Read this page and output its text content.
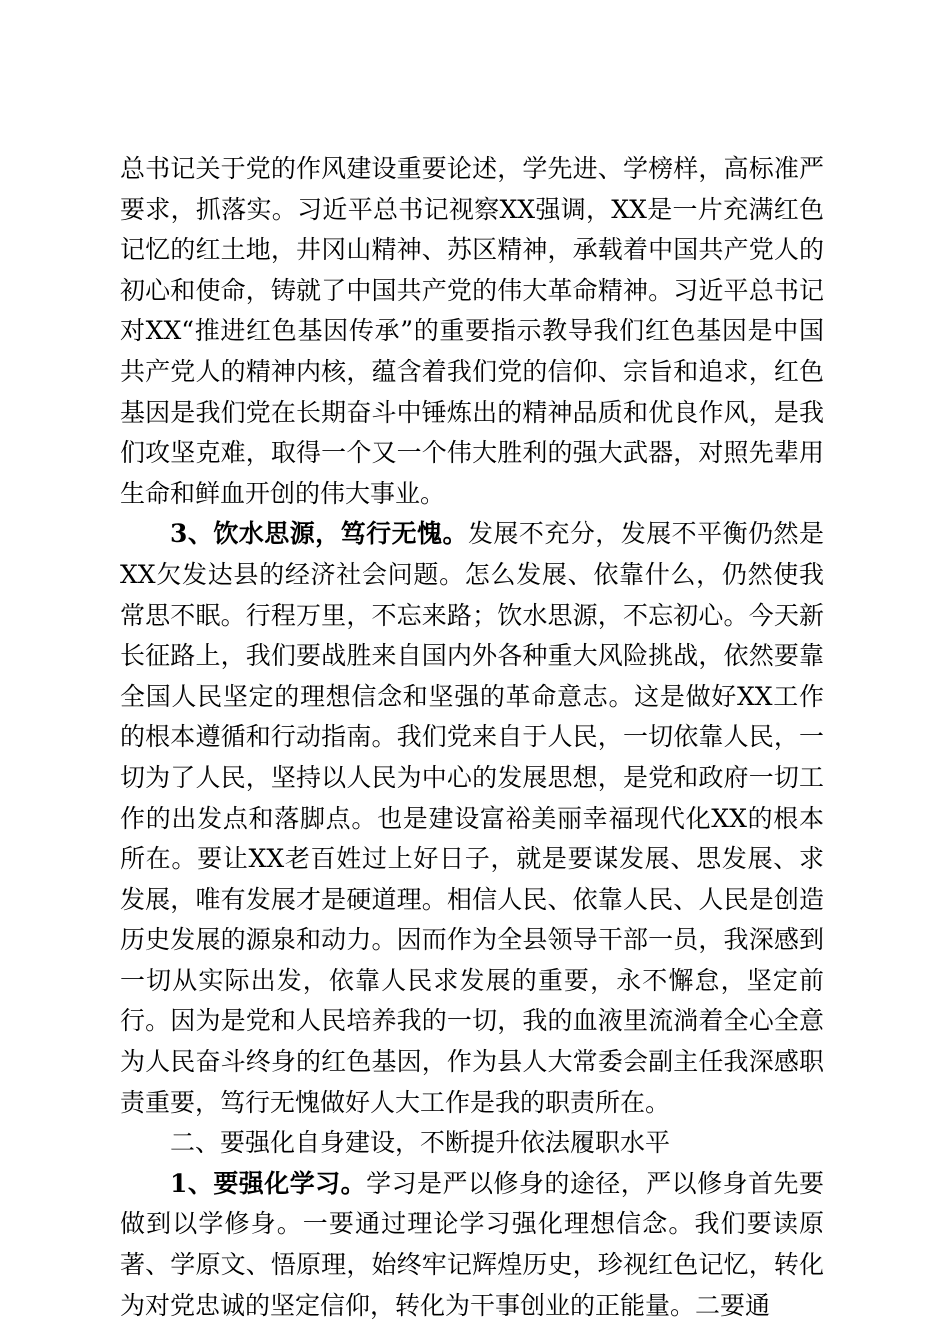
总书记关于党的作风建设重要论述，学先进、学榜样，高标准严要求，抓落实。习近平总书记视察XX强调，XX是一片充满红色记忆的红土地，井冈山精神、苏区精神，承载着中国共产党人的初心和使命，铸就了中国共产党的伟大革命精神。习近平总书记对XX“推进红色基因传承”的重要指示教导我们红色基因是中国共产党人的精神内核，蕴含着我们党的信仰、宗旨和追求，红色基因是我们党在长期奋斗中锤炼出的精神品质和优良作风，是我们攻坚克难，取得一个又一个伟大胜利的强大武器，对照先辈用生命和鲜血开创的伟大事业。

3、饮水思源，笃行无愧。发展不充分，发展不平衡仍然是XX欠发达县的经济社会问题。怎么发展、依靠什么，仍然使我常思不眠。行程万里，不忘来路；饮水思源，不忘初心。今天新长征路上，我们要战胜来自国内外各种重大风险挑战，依然要靠全国人民坚定的理想信念和坚强的革命意志。这是做好XX工作的根本遵循和行动指南。我们党来自于人民，一切依靠人民，一切为了人民，坚持以人民为中心的发展思想，是党和政府一切工作的出发点和落脚点。也是建设富裕美丽幸福现代化XX的根本所在。要让XX老百姓过上好日子，就是要谋发展、思发展、求发展，唯有发展才是硬道理。相信人民、依靠人民、人民是创造历史发展的源泉和动力。因而作为全县领导干部一员，我深感到一切从实际出发，依靠人民求发展的重要，永不懈怠，坚定前行。因为是党和人民培养我的一切，我的血液里流淌着全心全意为人民奋斗终身的红色基因，作为县人大常委会副主任我深感职责重要，笃行无愧做好人大工作是我的职责所在。

二、要强化自身建设，不断提升依法履职水平

1、要强化学习。学习是严以修身的途径，严以修身首先要做到以学修身。一要通过理论学习强化理想信念。我们要读原著、学原文、悟原理，始终牢记辉煌历史，珍视红色记忆，转化为对党忠诚的坚定信仰，转化为干事创业的正能量。二要通
